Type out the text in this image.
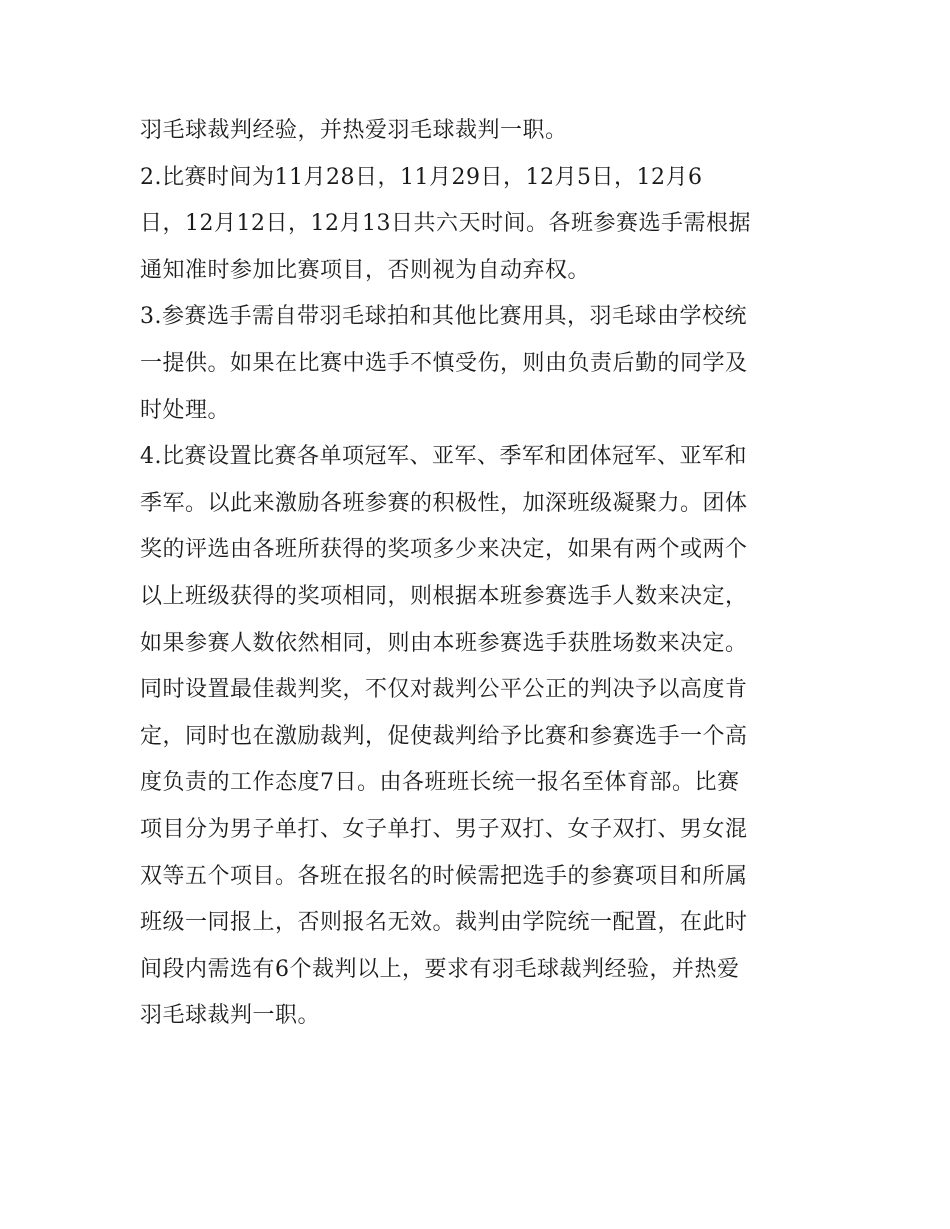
羽毛球裁判经验，并热爱羽毛球裁判一职。
2.比赛时间为11月28日，11月29日，12月5日，12月6
日，12月12日，12月13日共六天时间。各班参赛选手需根据
通知准时参加比赛项目，否则视为自动弃权。
3.参赛选手需自带羽毛球拍和其他比赛用具，羽毛球由学校统
一提供。如果在比赛中选手不慎受伤，则由负责后勤的同学及
时处理。
4.比赛设置比赛各单项冠军、亚军、季军和团体冠军、亚军和
季军。以此来激励各班参赛的积极性，加深班级凝聚力。团体
奖的评选由各班所获得的奖项多少来决定，如果有两个或两个
以上班级获得的奖项相同，则根据本班参赛选手人数来决定，
如果参赛人数依然相同，则由本班参赛选手获胜场数来决定。
同时设置最佳裁判奖，不仅对裁判公平公正的判决予以高度肯
定，同时也在激励裁判，促使裁判给予比赛和参赛选手一个高
度负责的工作态度7日。由各班班长统一报名至体育部。比赛
项目分为男子单打、女子单打、男子双打、女子双打、男女混
双等五个项目。各班在报名的时候需把选手的参赛项目和所属
班级一同报上，否则报名无效。裁判由学院统一配置，在此时
间段内需选有6个裁判以上，要求有羽毛球裁判经验，并热爱
羽毛球裁判一职。
